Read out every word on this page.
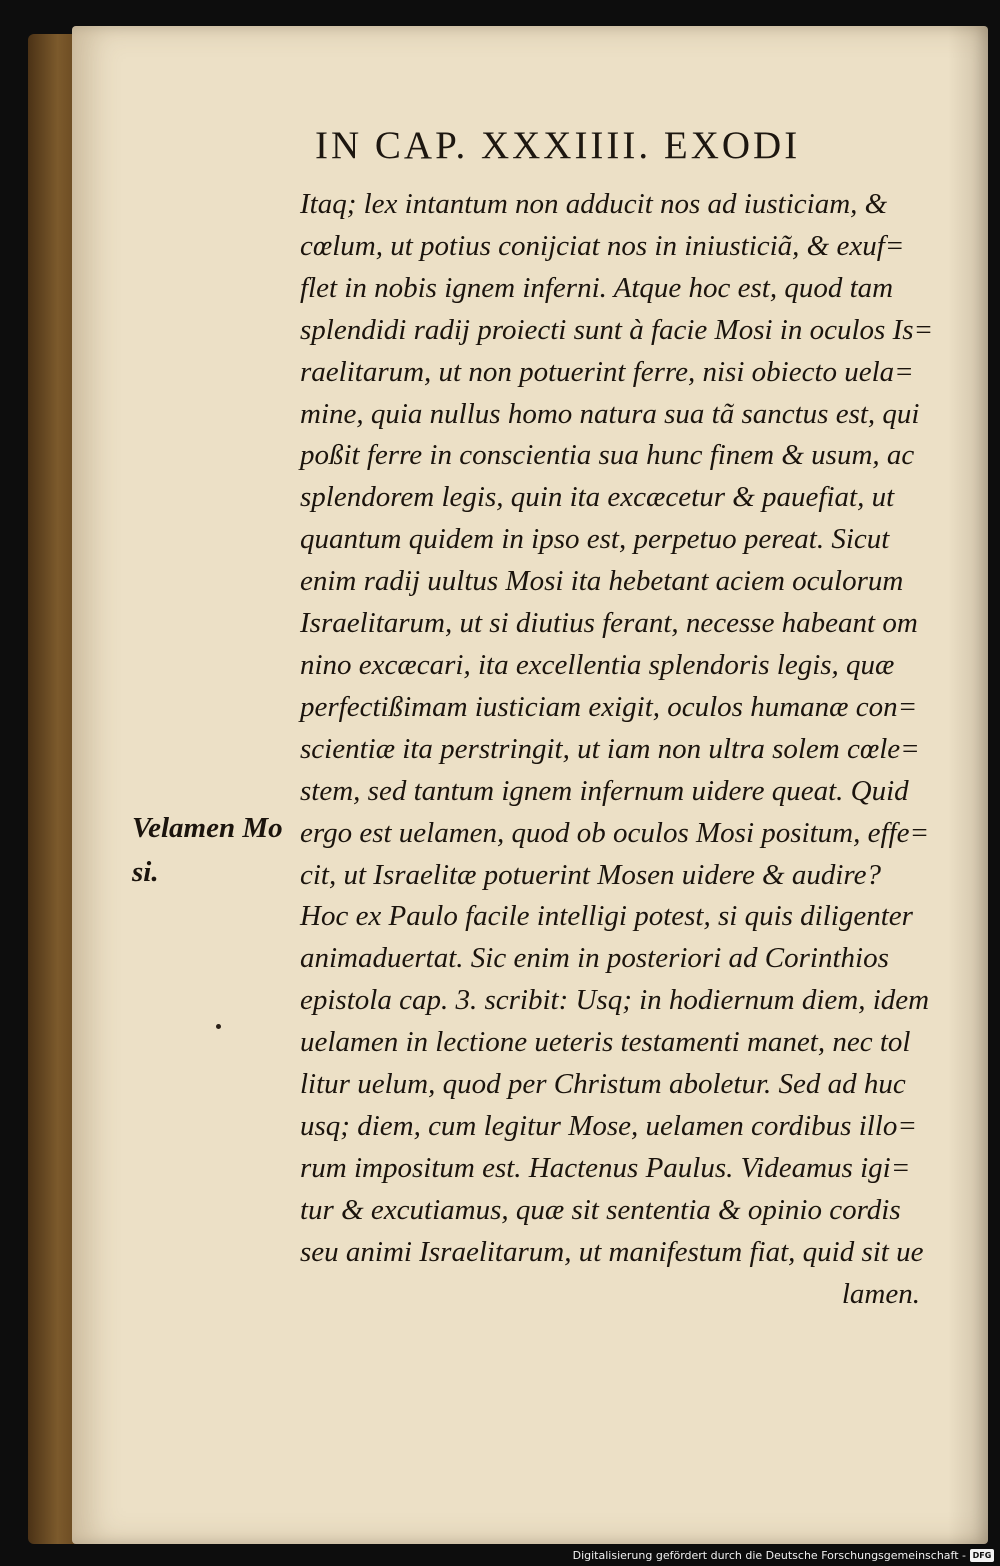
IN CAP. XXXIIII. EXODI
Velamen Mo
si.
Itaq; lex intantum non adducit nos ad iusticiam, &
cœlum, ut potius conijciat nos in iniusticiã, & exuf=
flet in nobis ignem inferni. Atque hoc est, quod tam
splendidi radij proiecti sunt à facie Mosi in oculos Is=
raelitarum, ut non potuerint ferre, nisi obiecto uela=
mine, quia nullus homo natura sua tã sanctus est, qui
poßit ferre in conscientia sua hunc finem & usum, ac
splendorem legis, quin ita excæcetur & pauefiat, ut
quantum quidem in ipso est, perpetuo pereat. Sicut
enim radij uultus Mosi ita hebetant aciem oculorum
Israelitarum, ut si diutius ferant, necesse habeant om
nino excæcari, ita excellentia splendoris legis, quæ
perfectißimam iusticiam exigit, oculos humanæ con=
scientiæ ita perstringit, ut iam non ultra solem cœle=
stem, sed tantum ignem infernum uidere queat. Quid
ergo est uelamen, quod ob oculos Mosi positum, effe=
cit, ut Israelitæ potuerint Mosen uidere & audire?
Hoc ex Paulo facile intelligi potest, si quis diligenter
animaduertat. Sic enim in posteriori ad Corinthios
epistola cap. 3. scribit: Usq; in hodiernum diem, idem
uelamen in lectione ueteris testamenti manet, nec tol
litur uelum, quod per Christum aboletur. Sed ad huc
usq; diem, cum legitur Mose, uelamen cordibus illo=
rum impositum est. Hactenus Paulus. Videamus igi=
tur & excutiamus, quæ sit sententia & opinio cordis
seu animi Israelitarum, ut manifestum fiat, quid sit ue
lamen.
Digitalisierung gefördert durch die Deutsche Forschungsgemeinschaft - DFG
